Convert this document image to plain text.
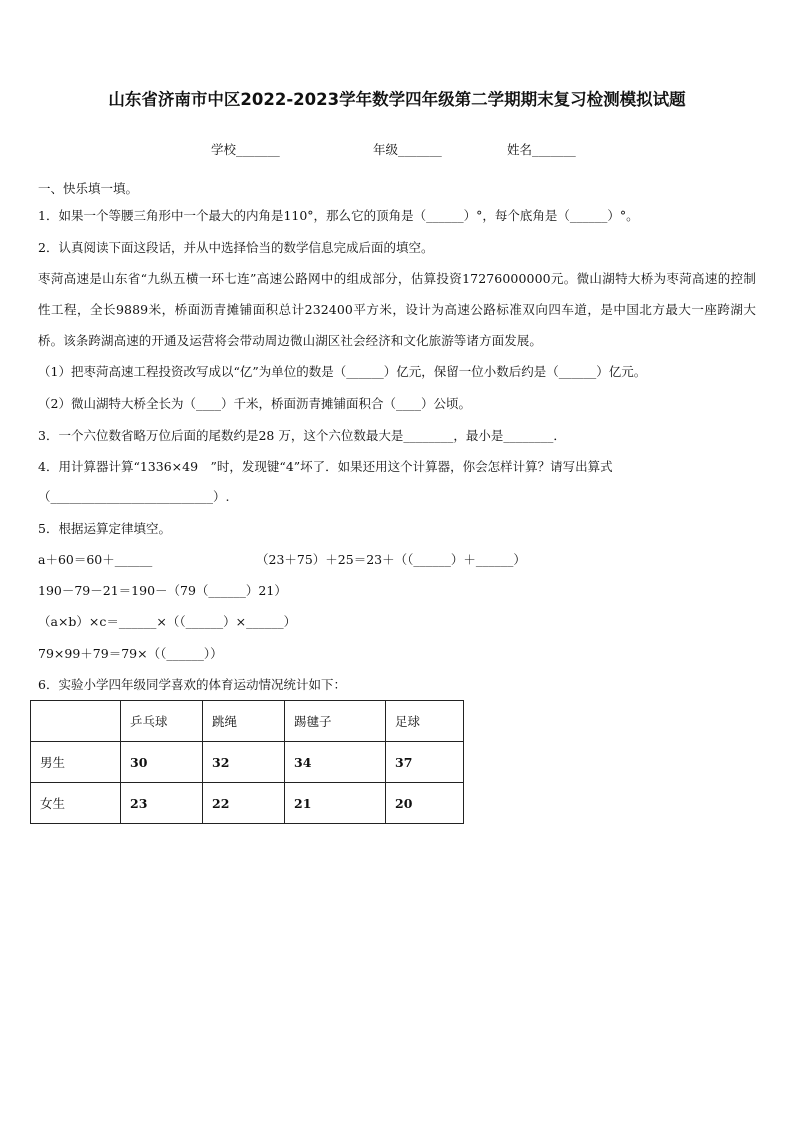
山东省济南市中区2022-2023学年数学四年级第二学期期末复习检测模拟试题
学校_______	年级_______	姓名_______
一、快乐填一填。
1．如果一个等腰三角形中一个最大的内角是110°，那么它的顶角是（______）°，每个底角是（______）°。
2．认真阅读下面这段话，并从中选择恰当的数学信息完成后面的填空。
枣菏高速是山东省“九纵五横一环七连”高速公路网中的组成部分，估算投资17276000000元。微山湖特大桥为枣菏高速的控制性工程，全长9889米，桥面沥青摊铺面积总计232400平方米，设计为高速公路标准双向四车道，是中国北方最大一座跨湖大桥。该条跨湖高速的开通及运营将会带动周边微山湖区社会经济和文化旅游等诸方面发展。
（1）把枣菏高速工程投资改写成以“亿”为单位的数是（______）亿元，保留一位小数后约是（______）亿元。
（2）微山湖特大桥全长为（____）千米，桥面沥青摊铺面积合（____）公顷。
3．一个六位数省略万位后面的尾数约是28 万，这个六位数最大是________，最小是________．
4．用计算器计算“1336×49　”时，发现键“4”坏了．如果还用这个计算器，你会怎样计算？请写出算式
（__________________________）.
5．根据运算定律填空。
a＋60＝60＋______	（23＋75）＋25＝23＋（（______）＋______）
190－79－21＝190－（79（______）21）
（a×b）×c＝______×（（______）×______）
79×99＋79＝79×（（______））
6．实验小学四年级同学喜欢的体育运动情况统计如下：
	乒乓球	跳绳	踢毽子	足球
男生	30	32	34	37
女生	23	22	21	20
